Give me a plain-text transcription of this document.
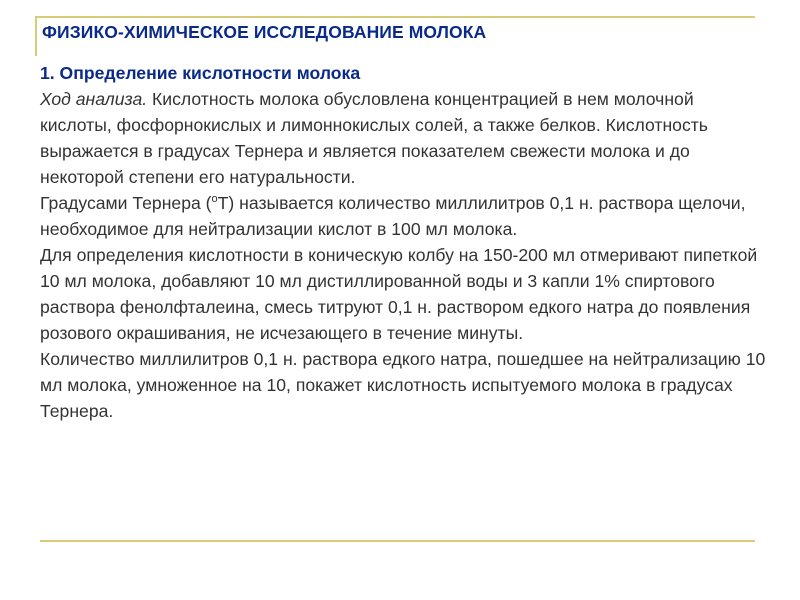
ФИЗИКО-ХИМИЧЕСКОЕ ИССЛЕДОВАНИЕ МОЛОКА

1. Определение кислотности молока

Ход анализа. Кислотность молока обусловлена концентрацией в нем молочной кислоты, фосфорнокислых и лимоннокислых солей, а также белков. Кислотность выражается в градусах Тернера и является показателем свежести молока и до некоторой степени его натуральности.

Градусами Тернера ($^о$Т) называется количество миллилитров 0,1 н. раствора щелочи, необходимое для нейтрализации кислот в 100 мл молока.

Для определения кислотности в коническую колбу на 150-200 мл отмеривают пипеткой 10 мл молока, добавляют 10 мл дистиллированной воды и 3 капли 1% спиртового раствора фенолфталеина, смесь титруют 0,1 н. раствором едкого натра до появления розового окрашивания, не исчезающего в течение минуты.

Количество миллилитров 0,1 н. раствора едкого натра, пошедшее на нейтрализацию 10 мл молока, умноженное на 10, покажет кислотность испытуемого молока в градусах Тернера.
